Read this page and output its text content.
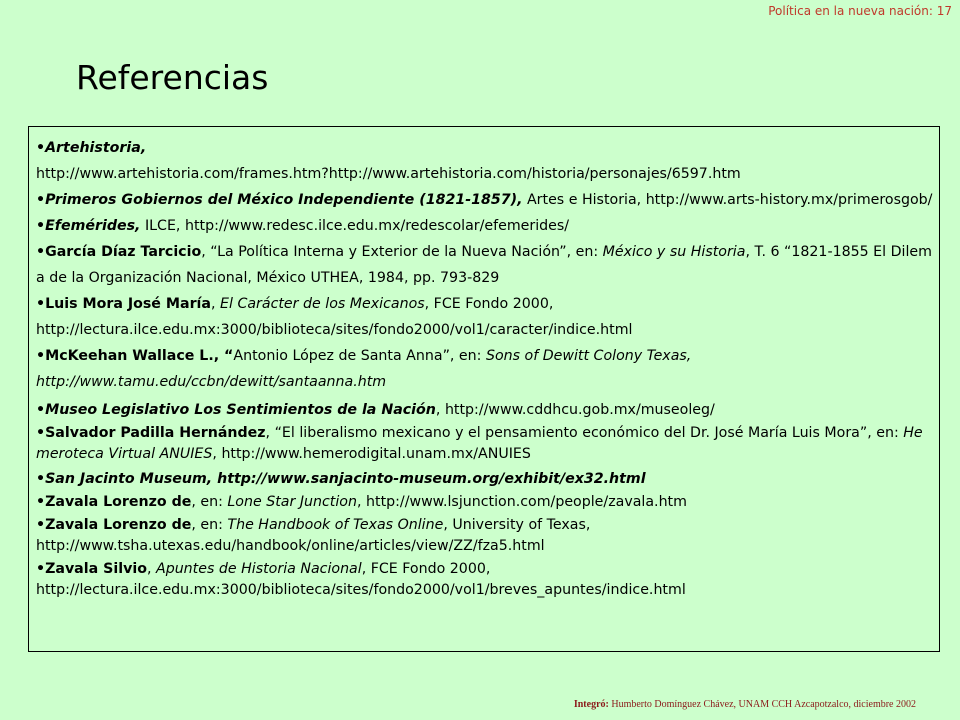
Política en la nueva nación: 17
Referencias
•Artehistoria,
http://www.artehistoria.com/frames.htm?http://www.artehistoria.com/historia/personajes/6597.htm
•Primeros Gobiernos del México Independiente (1821-1857), Artes e Historia, http://www.arts-history.mx/primerosgob/
•Efemérides, ILCE, http://www.redesc.ilce.edu.mx/redescolar/efemerides/
•García Díaz Tarcicio, “La Política Interna y Exterior de la Nueva Nación”, en: México y su Historia, T. 6 “1821-1855 El Dilema de la Organización Nacional, México UTHEA, 1984, pp. 793-829
•Luis Mora José María, El Carácter de los Mexicanos, FCE Fondo 2000,
http://lectura.ilce.edu.mx:3000/biblioteca/sites/fondo2000/vol1/caracter/indice.html
•McKeehan Wallace L., “Antonio López de Santa Anna”, en: Sons of Dewitt Colony Texas,
http://www.tamu.edu/ccbn/dewitt/santaanna.htm
•Museo Legislativo Los Sentimientos de la Nación, http://www.cddhcu.gob.mx/museoleg/
•Salvador Padilla Hernández, “El liberalismo mexicano y el pensamiento económico del Dr. José María Luis Mora”, en: Hemeroteca Virtual ANUIES, http://www.hemerodigital.unam.mx/ANUIES
•San Jacinto Museum, http://www.sanjacinto-museum.org/exhibit/ex32.html
•Zavala Lorenzo de, en: Lone Star Junction, http://www.lsjunction.com/people/zavala.htm
•Zavala Lorenzo de, en: The Handbook of Texas Online, University of Texas,
http://www.tsha.utexas.edu/handbook/online/articles/view/ZZ/fza5.html
•Zavala Silvio, Apuntes de Historia Nacional, FCE Fondo 2000,
http://lectura.ilce.edu.mx:3000/biblioteca/sites/fondo2000/vol1/breves_apuntes/indice.html
Integró: Humberto Domínguez Chávez, UNAM CCH Azcapotzalco, diciembre 2002
